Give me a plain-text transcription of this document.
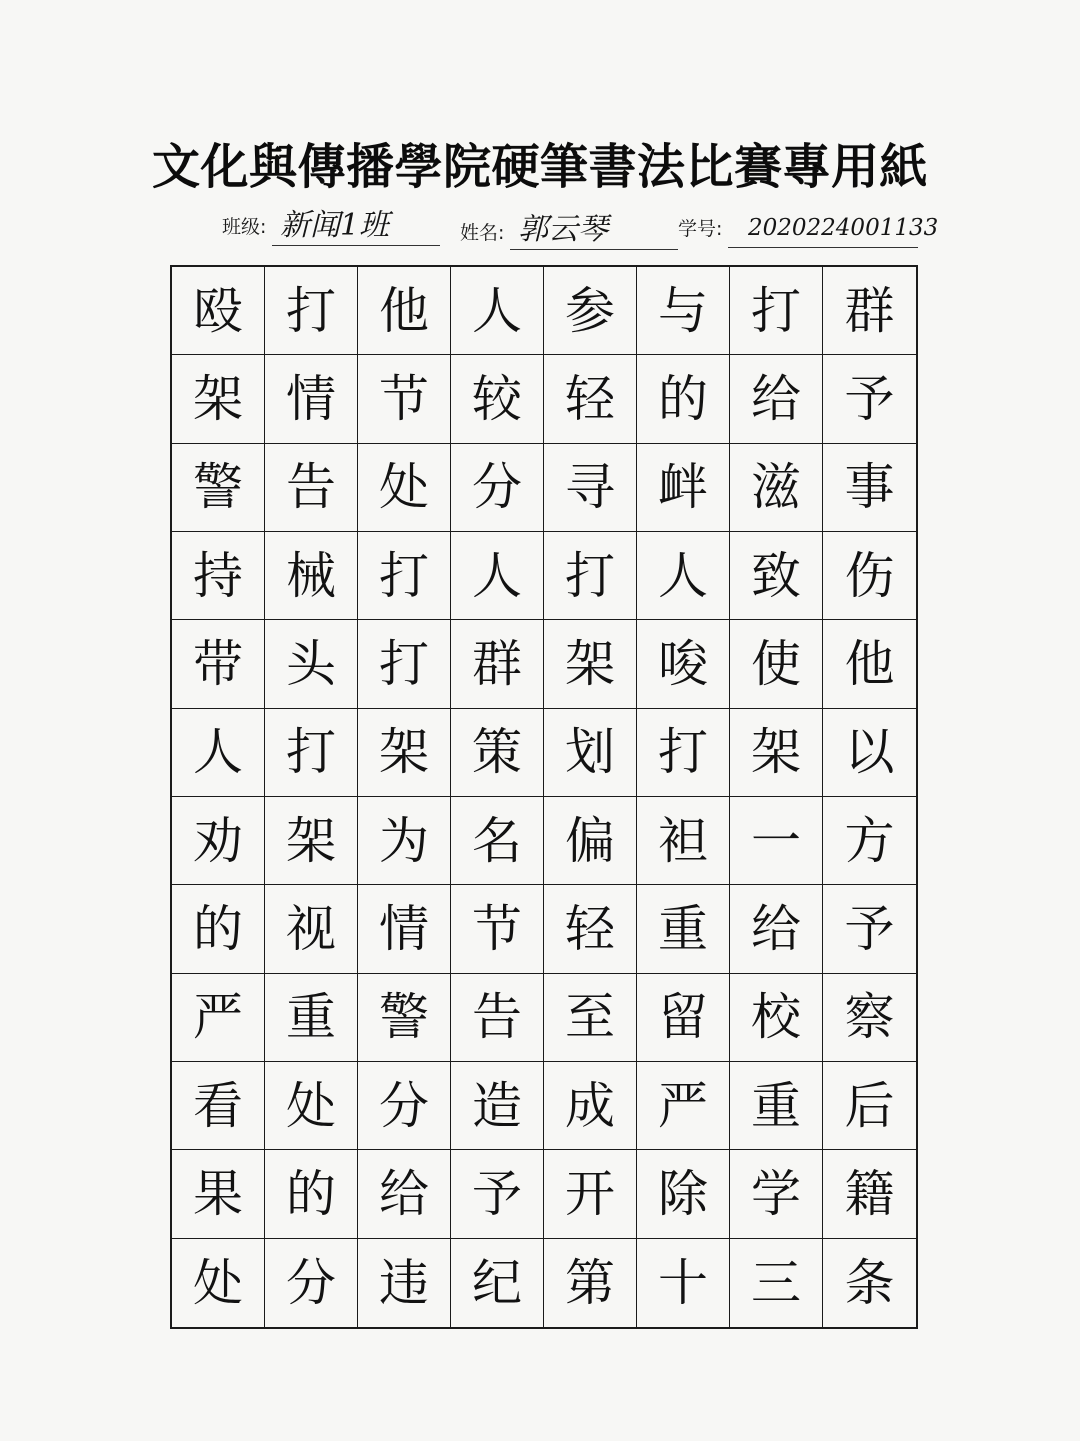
文化與傳播學院硬筆書法比賽專用紙
班级: 新闻1班	姓名: 郭云琴	学号:	2020224001133
殴 打 他 人 参 与 打 群
架 情 节 较 轻 的 给 予
警 告 处 分 寻 衅 滋 事
持 械 打 人 打 人 致 伤
带 头 打 群 架 唆 使 他
人 打 架 策 划 打 架 以
劝 架 为 名 偏 袒 一 方
的 视 情 节 轻 重 给 予
严 重 警 告 至 留 校 察
看 处 分 造 成 严 重 后
果 的 给 予 开 除 学 籍
处 分 违 纪 第 十 三 条
